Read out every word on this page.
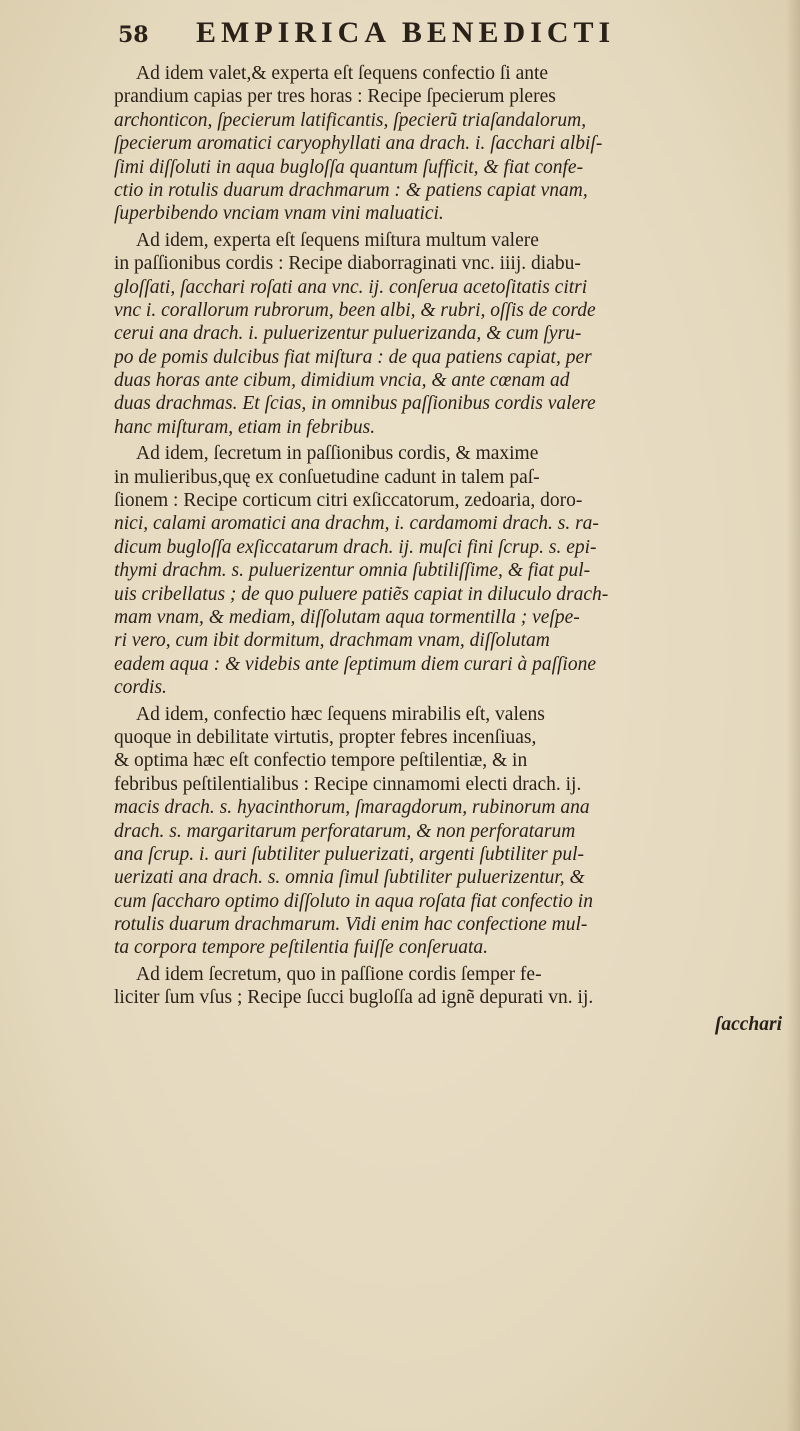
58	EMPIRICA BENEDICTI
Ad idem valet,& experta eſt ſequens confectio ſi ante
prandium capias per tres horas : Recipe ſpecierum pleres
archonticon, ſpecierum latificantis, ſpecierũ triaſandalorum,
ſpecierum aromatici caryophyllati ana drach. i. ſacchari albiſ-
ſimi diſſoluti in aqua bugloſſa quantum ſufficit, & fiat confe-
ctio in rotulis duarum drachmarum : & patiens capiat vnam,
ſuperbibendo vnciam vnam vini maluatici.
Ad idem, experta eſt ſequens miſtura multum valere
in paſſionibus cordis : Recipe diaborraginati vnc. iiij. diabu-
gloſſati, ſacchari roſati ana vnc. ij. conſerua acetoſitatis citri
vnc i. corallorum rubrorum, been albi, & rubri, oſſis de corde
cerui ana drach. i. puluerizentur puluerizanda, & cum ſyru-
po de pomis dulcibus fiat miſtura : de qua patiens capiat, per
duas horas ante cibum, dimidium vncia, & ante cœnam ad
duas drachmas. Et ſcias, in omnibus paſſionibus cordis valere
hanc miſturam, etiam in febribus.
Ad idem, ſecretum in paſſionibus cordis, & maxime
in mulieribus,quę ex conſuetudine cadunt in talem paſ-
ſionem : Recipe corticum citri exſiccatorum, zedoaria, doro-
nici, calami aromatici ana drachm, i. cardamomi drach. s. ra-
dicum bugloſſa exſiccatarum drach. ij. muſci fini ſcrup. s. epi-
thymi drachm. s. puluerizentur omnia ſubtiliſſime, & fiat pul-
uis cribellatus ; de quo puluere patiẽs capiat in diluculo drach-
mam vnam, & mediam, diſſolutam aqua tormentilla ; veſpe-
ri vero, cum ibit dormitum, drachmam vnam, diſſolutam
eadem aqua : & videbis ante ſeptimum diem curari à paſſione
cordis.
Ad idem, confectio hæc ſequens mirabilis eſt, valens
quoque in debilitate virtutis, propter febres incenſiuas,
& optima hæc eſt confectio tempore peſtilentiæ, & in
febribus peſtilentialibus : Recipe cinnamomi electi drach. ij.
macis drach. s. hyacinthorum, ſmaragdorum, rubinorum ana
drach. s. margaritarum perforatarum, & non perforatarum
ana ſcrup. i. auri ſubtiliter puluerizati, argenti ſubtiliter pul-
uerizati ana drach. s. omnia ſimul ſubtiliter puluerizentur, &
cum ſaccharo optimo diſſoluto in aqua roſata fiat confectio in
rotulis duarum drachmarum. Vidi enim hac confectione mul-
ta corpora tempore peſtilentia fuiſſe conſeruata.
Ad idem ſecretum, quo in paſſione cordis ſemper fe-
liciter ſum vſus ; Recipe ſucci bugloſſa ad ignẽ depurati vn. ij.
ſacchari
